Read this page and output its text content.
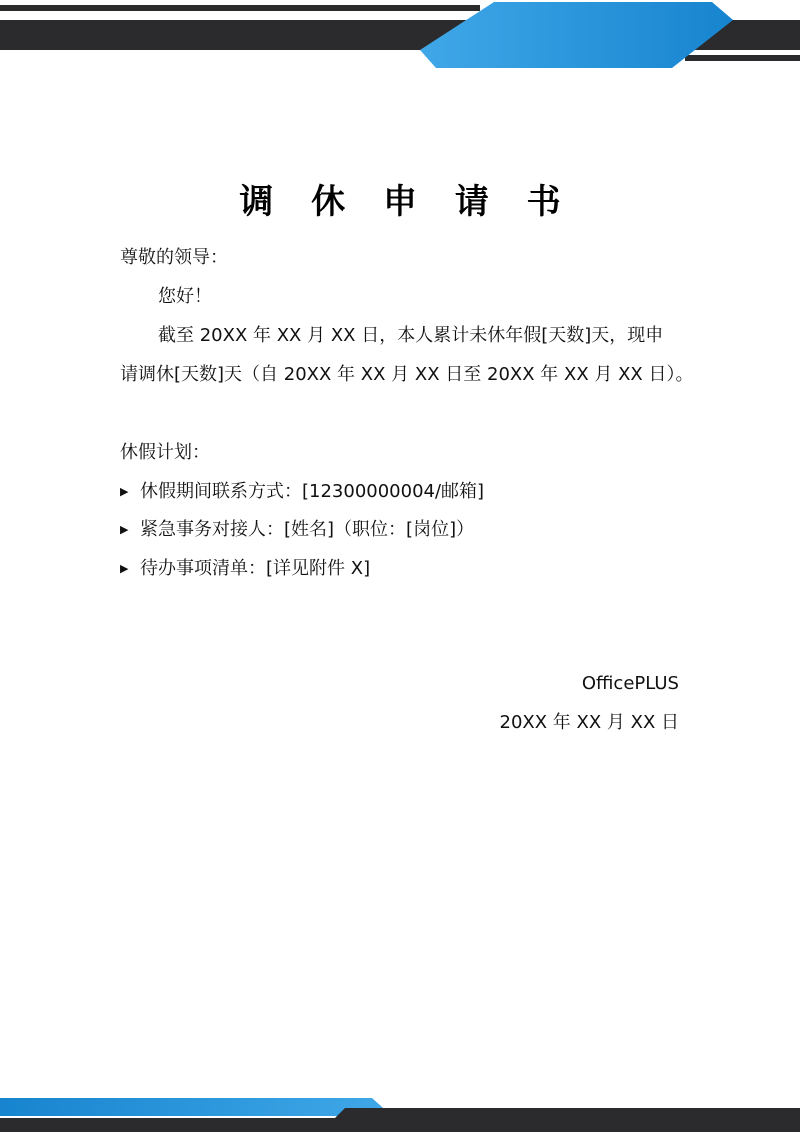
调 休 申 请 书
尊敬的领导：
您好！
截至 20XX 年 XX 月 XX 日，本人累计未休年假[天数]天，现申
请调休[天数]天（自 20XX 年 XX 月 XX 日至 20XX 年 XX 月 XX 日）。
休假计划：
▶ 休假期间联系方式：[12300000004/邮箱]
▶ 紧急事务对接人：[姓名]（职位：[岗位]）
▶ 待办事项清单：[详见附件 X]
OfficePLUS
20XX 年 XX 月 XX 日
